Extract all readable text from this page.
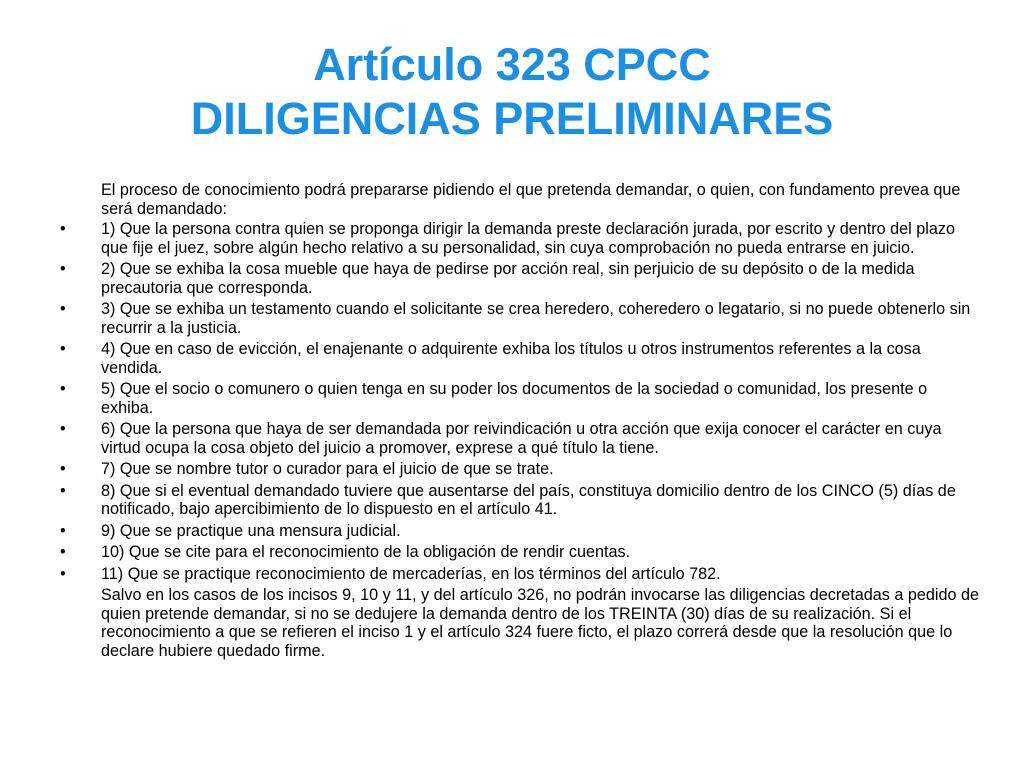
Artículo 323 CPCC
DILIGENCIAS PRELIMINARES

El proceso de conocimiento podrá prepararse pidiendo el que pretenda demandar, o quien, con fundamento prevea que será demandado:

•	1) Que la persona contra quien se proponga dirigir la demanda preste declaración jurada, por escrito y dentro del plazo que fije el juez, sobre algún hecho relativo a su personalidad, sin cuya comprobación no pueda entrarse en juicio.

•	2) Que se exhiba la cosa mueble que haya de pedirse por acción real, sin perjuicio de su depósito o de la medida precautoria que corresponda.

•	3) Que se exhiba un testamento cuando el solicitante se crea heredero, coheredero o legatario, si no puede obtenerlo sin recurrir a la justicia.

•	4) Que en caso de evicción, el enajenante o adquirente exhiba los títulos u otros instrumentos referentes a la cosa vendida.

•	5) Que el socio o comunero o quien tenga en su poder los documentos de la sociedad o comunidad, los presente o exhiba.

•	6) Que la persona que haya de ser demandada por reivindicación u otra acción que exija conocer el carácter en cuya virtud ocupa la cosa objeto del juicio a promover, exprese a qué título la tiene.

•	7) Que se nombre tutor o curador para el juicio de que se trate.

•	8) Que si el eventual demandado tuviere que ausentarse del país, constituya domicilio dentro de los CINCO (5) días de notificado, bajo apercibimiento de lo dispuesto en el artículo 41.

•	9) Que se practique una mensura judicial.

•	10) Que se cite para el reconocimiento de la obligación de rendir cuentas.

•	11) Que se practique reconocimiento de mercaderías, en los términos del artículo 782.

Salvo en los casos de los incisos 9, 10 y 11, y del artículo 326, no podrán invocarse las diligencias decretadas a pedido de quien pretende demandar, si no se dedujere la demanda dentro de los TREINTA (30) días de su realización. Si el reconocimiento a que se refieren el inciso 1 y el artículo 324 fuere ficto, el plazo correrá desde que la resolución que lo declare hubiere quedado firme.
